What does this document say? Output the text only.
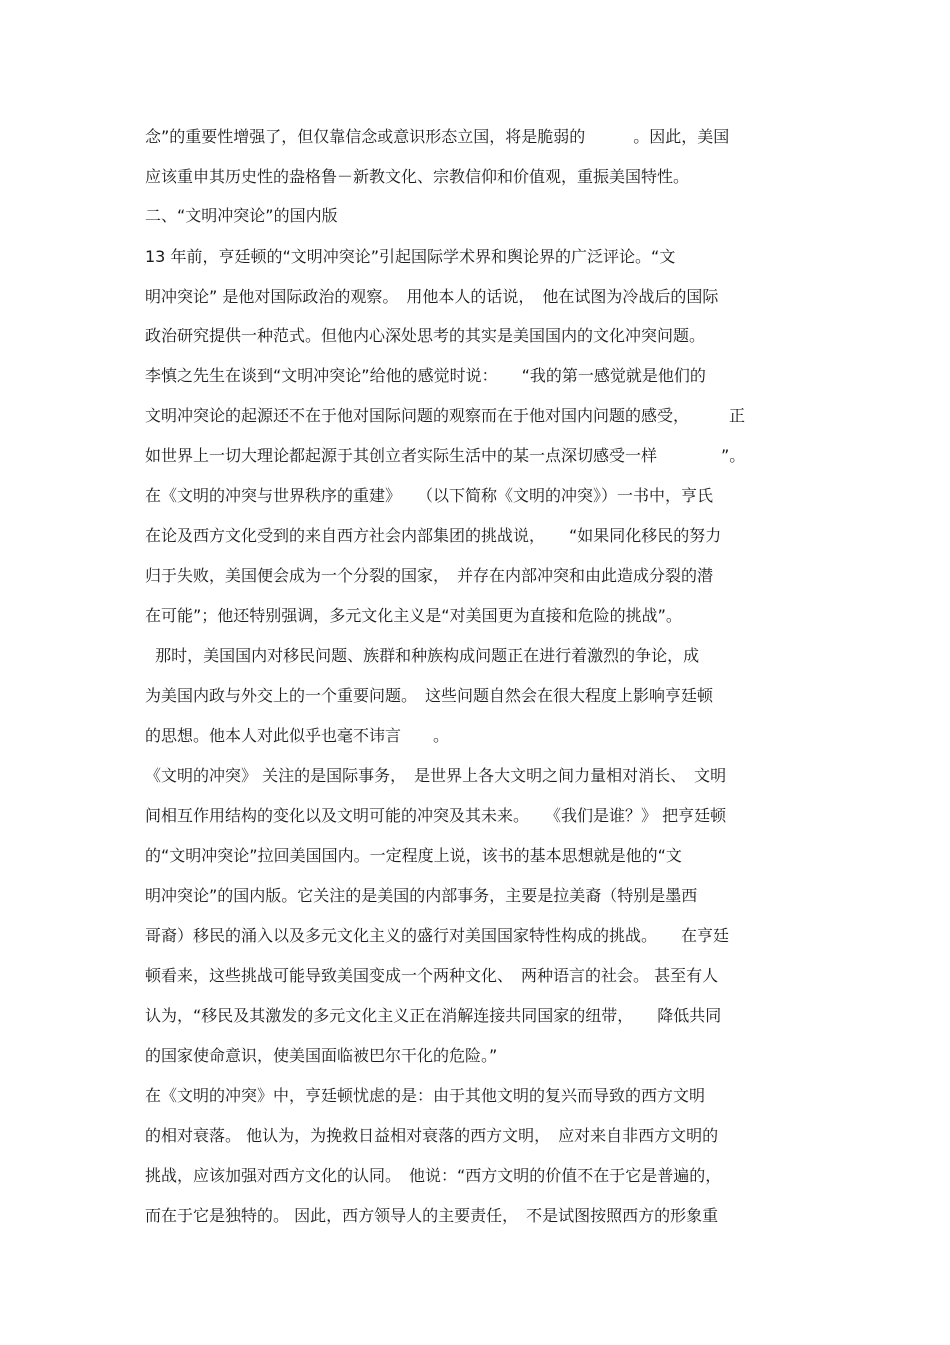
念”的重要性增强了，但仅靠信念或意识形态立国，将是脆弱的　　　。因此，美国
应该重申其历史性的盎格鲁－新教文化、宗教信仰和价值观，重振美国特性。
二、“文明冲突论”的国内版
13 年前，亨廷顿的“文明冲突论”引起国际学术界和舆论界的广泛评论。“文
明冲突论” 是他对国际政治的观察。　用他本人的话说，　他在试图为冷战后的国际
政治研究提供一种范式。但他内心深处思考的其实是美国国内的文化冲突问题。
李慎之先生在谈到“文明冲突论”给他的感觉时说：　　“我的第一感觉就是他们的
文明冲突论的起源还不在于他对国际问题的观察而在于他对国内问题的感受，　　　正
如世界上一切大理论都起源于其创立者实际生活中的某一点深切感受一样　　　　”。
在《文明的冲突与世界秩序的重建》　　（以下简称《文明的冲突》）一书中，亨氏
在论及西方文化受到的来自西方社会内部集团的挑战说，　　“如果同化移民的努力
归于失败，美国便会成为一个分裂的国家，　并存在内部冲突和由此造成分裂的潜
在可能”；他还特别强调，多元文化主义是“对美国更为直接和危险的挑战”。
那时，美国国内对移民问题、族群和种族构成问题正在进行着激烈的争论，成
为美国内政与外交上的一个重要问题。　这些问题自然会在很大程度上影响亨廷顿
的思想。他本人对此似乎也毫不讳言　　。
《文明的冲突》 关注的是国际事务，　是世界上各大文明之间力量相对消长、　文明
间相互作用结构的变化以及文明可能的冲突及其未来。　　《我们是谁？》 把亨廷顿
的“文明冲突论”拉回美国国内。一定程度上说，该书的基本思想就是他的“文
明冲突论”的国内版。它关注的是美国的内部事务，主要是拉美裔（特别是墨西
哥裔）移民的涌入以及多元文化主义的盛行对美国国家特性构成的挑战。　　在亨廷
顿看来，这些挑战可能导致美国变成一个两种文化、　两种语言的社会。 甚至有人
认为，“移民及其激发的多元文化主义正在消解连接共同国家的纽带，　　降低共同
的国家使命意识，使美国面临被巴尔干化的危险。”
在《文明的冲突》中，亨廷顿忧虑的是：由于其他文明的复兴而导致的西方文明
的相对衰落。 他认为，为挽救日益相对衰落的西方文明，　应对来自非西方文明的
挑战，应该加强对西方文化的认同。　他说：“西方文明的价值不在于它是普遍的，
而在于它是独特的。 因此，西方领导人的主要责任，　不是试图按照西方的形象重
